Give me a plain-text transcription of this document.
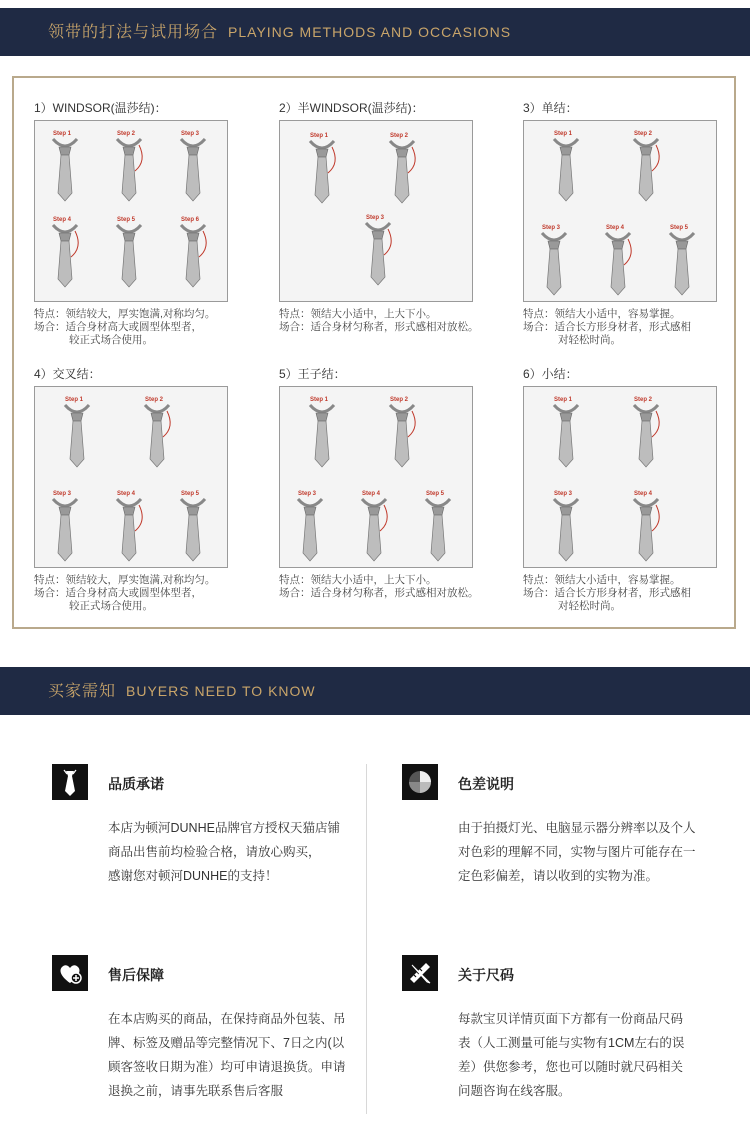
领带的打法与试用场合 PLAYING METHODS AND OCCASIONS
1）WINDSOR(温莎结)：
Step 1	Step 2	Step 3
Step 4	Step 5	Step 6
特点：领结较大，厚实饱满,对称均匀。
场合：适合身材高大或圆型体型者，
较正式场合使用。
2）半WINDSOR(温莎结)：
Step 1	Step 2
Step 3
特点：领结大小适中，上大下小。
场合：适合身材匀称者，形式感相对放松。
3）单结：
Step 1	Step 2
Step 3	Step 4	Step 5
特点：领结大小适中，容易掌握。
场合：适合长方形身材者，形式感相
对轻松时尚。
4）交叉结：
Step 1	Step 2
Step 3	Step 4	Step 5
特点：领结较大，厚实饱满,对称均匀。
场合：适合身材高大或圆型体型者，
较正式场合使用。
5）王子结：
Step 1	Step 2
Step 3	Step 4	Step 5
特点：领结大小适中，上大下小。
场合：适合身材匀称者，形式感相对放松。
6）小结：
Step 1	Step 2
Step 3	Step 4
特点：领结大小适中，容易掌握。
场合：适合长方形身材者，形式感相
对轻松时尚。
买家需知 BUYERS NEED TO KNOW
品质承诺
本店为顿河DUNHE品牌官方授权天猫店铺
商品出售前均检验合格，请放心购买，
感谢您对顿河DUNHE的支持！
色差说明
由于拍摄灯光、电脑显示器分辨率以及个人
对色彩的理解不同，实物与图片可能存在一
定色彩偏差，请以收到的实物为准。
售后保障
在本店购买的商品，在保持商品外包装、吊
牌、标签及赠品等完整情况下、7日之内(以
顾客签收日期为准）均可申请退换货。申请
退换之前，请事先联系售后客服
关于尺码
每款宝贝详情页面下方都有一份商品尺码
表（人工测量可能与实物有1CM左右的误
差）供您参考，您也可以随时就尺码相关
问题咨询在线客服。
